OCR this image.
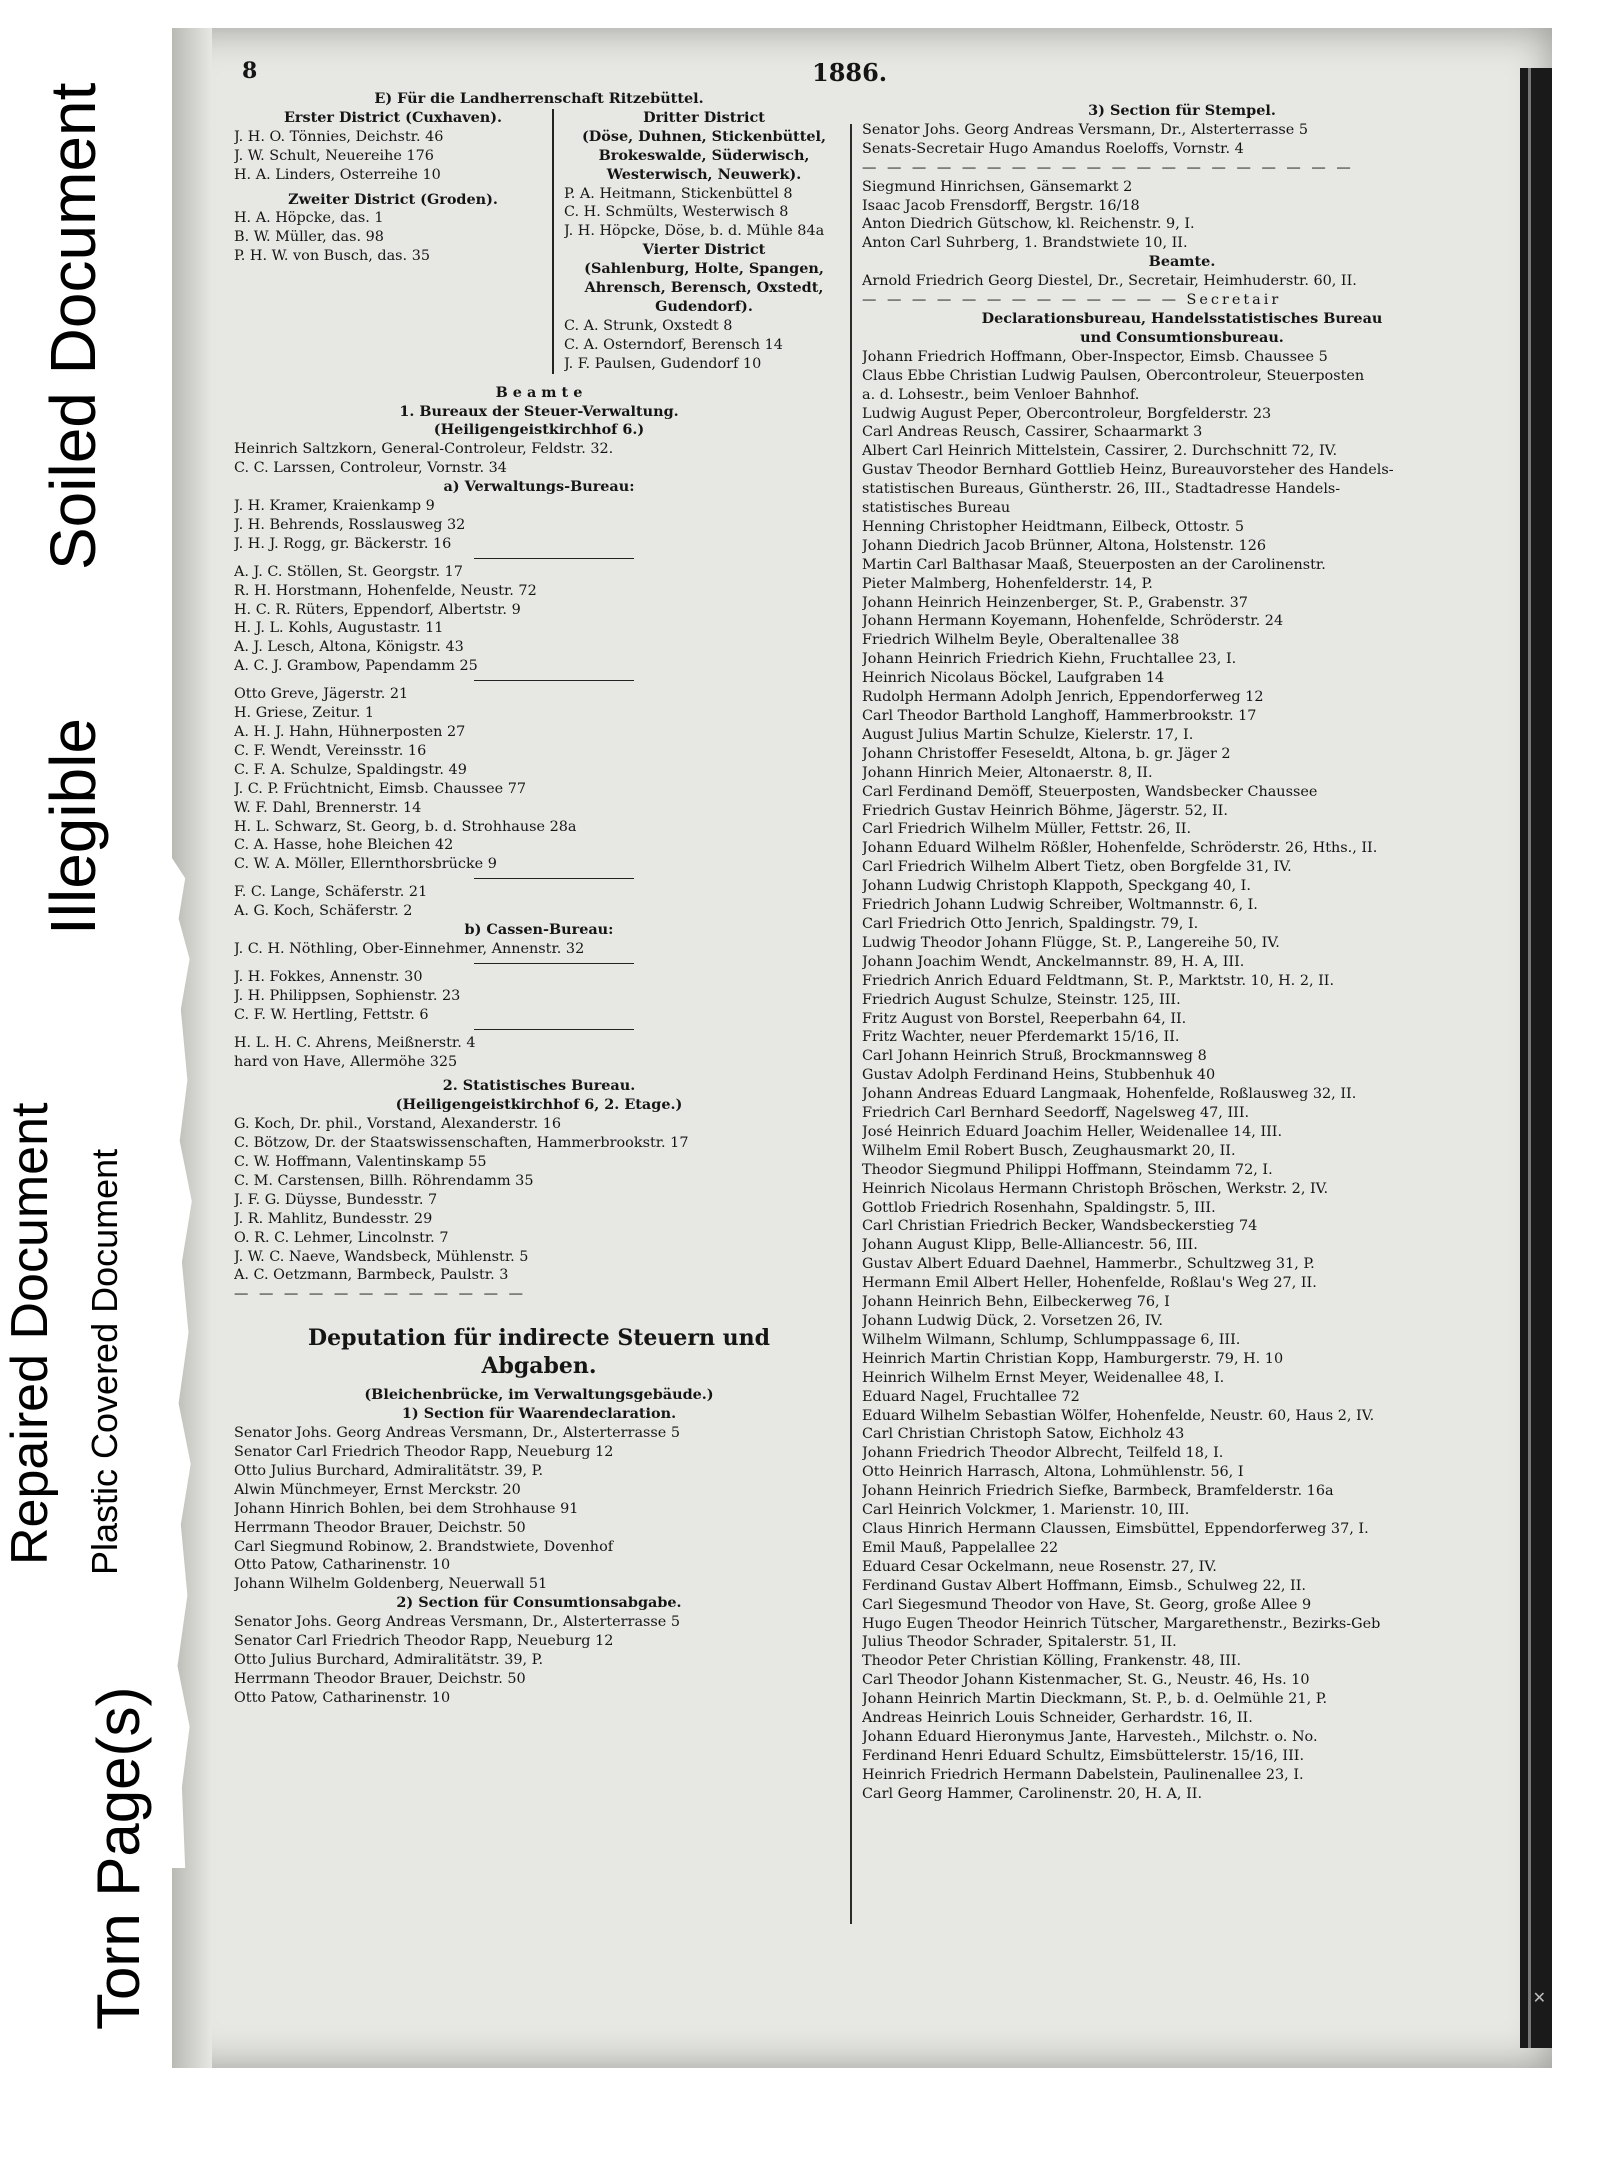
Soiled Document
Illegible
Repaired Document Plastic Covered Document
Torn Page(s)	✕
8	1886.
E) Für die Landherrenschaft Ritzebüttel.
Erster District (Cuxhaven).
J. H. O. Tönnies, Deichstr. 46
J. W. Schult, Neuereihe 176
H. A. Linders, Osterreihe 10
Zweiter District (Groden).
H. A. Höpcke, das. 1
B. W. Müller, das. 98
P. H. W. von Busch, das. 35
Dritter District
(Döse, Duhnen, Stickenbüttel,
Brokeswalde, Süderwisch,
Westerwisch, Neuwerk).
P. A. Heitmann, Stickenbüttel 8
C. H. Schmülts, Westerwisch 8
J. H. Höpcke, Döse, b. d. Mühle 84a
Vierter District
(Sahlenburg, Holte, Spangen,
Ahrensch, Berensch, Oxstedt,
Gudendorf).
C. A. Strunk, Oxstedt 8
C. A. Osterndorf, Berensch 14
J. F. Paulsen, Gudendorf 10
B e a m t e
1. Bureaux der Steuer-Verwaltung.
(Heiligengeistkirchhof 6.)
Heinrich Saltzkorn, General-Controleur, Feldstr. 32.
C. C. Larssen, Controleur, Vornstr. 34
a) Verwaltungs-Bureau:
J. H. Kramer, Kraienkamp 9
J. H. Behrends, Rosslausweg 32
J. H. J. Rogg, gr. Bäckerstr. 16
A. J. C. Stöllen, St. Georgstr. 17
R. H. Horstmann, Hohenfelde, Neustr. 72
H. C. R. Rüters, Eppendorf, Albertstr. 9
H. J. L. Kohls, Augustastr. 11
A. J. Lesch, Altona, Königstr. 43
A. C. J. Grambow, Papendamm 25
Otto Greve, Jägerstr. 21
H. Griese, Zeitur. 1
A. H. J. Hahn, Hühnerposten 27
C. F. Wendt, Vereinsstr. 16
C. F. A. Schulze, Spaldingstr. 49
J. C. P. Früchtnicht, Eimsb. Chaussee 77
W. F. Dahl, Brennerstr. 14
H. L. Schwarz, St. Georg, b. d. Strohhause 28a
C. A. Hasse, hohe Bleichen 42
C. W. A. Möller, Ellernthorsbrücke 9
F. C. Lange, Schäferstr. 21
A. G. Koch, Schäferstr. 2
b) Cassen-Bureau:
J. C. H. Nöthling, Ober-Einnehmer, Annenstr. 32
J. H. Fokkes, Annenstr. 30
J. H. Philippsen, Sophienstr. 23
C. F. W. Hertling, Fettstr. 6
H. L. H. C. Ahrens, Meißnerstr. 4
hard von Have, Allermöhe 325
2. Statistisches Bureau.
(Heiligengeistkirchhof 6, 2. Etage.)
G. Koch, Dr. phil., Vorstand, Alexanderstr. 16
C. Bötzow, Dr. der Staatswissenschaften, Hammerbrookstr. 17
C. W. Hoffmann, Valentinskamp 55
C. M. Carstensen, Billh. Röhrendamm 35
J. F. G. Düysse, Bundesstr. 7
J. R. Mahlitz, Bundesstr. 29
O. R. C. Lehmer, Lincolnstr. 7
J. W. C. Naeve, Wandsbeck, Mühlenstr. 5
A. C. Oetzmann, Barmbeck, Paulstr. 3
— — — — — — — — — — — —
Deputation für indirecte Steuern und
Abgaben.
(Bleichenbrücke, im Verwaltungsgebäude.)
1) Section für Waarendeclaration.
Senator Johs. Georg Andreas Versmann, Dr., Alsterterrasse 5
Senator Carl Friedrich Theodor Rapp, Neueburg 12
Otto Julius Burchard, Admiralitätstr. 39, P.
Alwin Münchmeyer, Ernst Merckstr. 20
Johann Hinrich Bohlen, bei dem Strohhause 91
Herrmann Theodor Brauer, Deichstr. 50
Carl Siegmund Robinow, 2. Brandstwiete, Dovenhof
Otto Patow, Catharinenstr. 10
Johann Wilhelm Goldenberg, Neuerwall 51
2) Section für Consumtionsabgabe.
Senator Johs. Georg Andreas Versmann, Dr., Alsterterrasse 5
Senator Carl Friedrich Theodor Rapp, Neueburg 12
Otto Julius Burchard, Admiralitätstr. 39, P.
Herrmann Theodor Brauer, Deichstr. 50
Otto Patow, Catharinenstr. 10
3) Section für Stempel.
Senator Johs. Georg Andreas Versmann, Dr., Alsterterrasse 5
Senats-Secretair Hugo Amandus Roeloffs, Vornstr. 4
— — — — — — — — — — — — — — — — — — — —
Siegmund Hinrichsen, Gänsemarkt 2
Isaac Jacob Frensdorff, Bergstr. 16/18
Anton Diedrich Gütschow, kl. Reichenstr. 9, I.
Anton Carl Suhrberg, 1. Brandstwiete 10, II.
Beamte.
Arnold Friedrich Georg Diestel, Dr., Secretair, Heimhuderstr. 60, II.
— — — — — — — — — — — — — Secretair
Declarationsbureau, Handelsstatistisches Bureau
und Consumtionsbureau.
Johann Friedrich Hoffmann, Ober-Inspector, Eimsb. Chaussee 5
Claus Ebbe Christian Ludwig Paulsen, Obercontroleur, Steuerposten
a. d. Lohsestr., beim Venloer Bahnhof.
Ludwig August Peper, Obercontroleur, Borgfelderstr. 23
Carl Andreas Reusch, Cassirer, Schaarmarkt 3
Albert Carl Heinrich Mittelstein, Cassirer, 2. Durchschnitt 72, IV.
Gustav Theodor Bernhard Gottlieb Heinz, Bureauvorsteher des Handels-
statistischen Bureaus, Güntherstr. 26, III., Stadtadresse Handels-
statistisches Bureau
Henning Christopher Heidtmann, Eilbeck, Ottostr. 5
Johann Diedrich Jacob Brünner, Altona, Holstenstr. 126
Martin Carl Balthasar Maaß, Steuerposten an der Carolinenstr.
Pieter Malmberg, Hohenfelderstr. 14, P.
Johann Heinrich Heinzenberger, St. P., Grabenstr. 37
Johann Hermann Koyemann, Hohenfelde, Schröderstr. 24
Friedrich Wilhelm Beyle, Oberaltenallee 38
Johann Heinrich Friedrich Kiehn, Fruchtallee 23, I.
Heinrich Nicolaus Böckel, Laufgraben 14
Rudolph Hermann Adolph Jenrich, Eppendorferweg 12
Carl Theodor Barthold Langhoff, Hammerbrookstr. 17
August Julius Martin Schulze, Kielerstr. 17, I.
Johann Christoffer Feseseldt, Altona, b. gr. Jäger 2
Johann Hinrich Meier, Altonaerstr. 8, II.
Carl Ferdinand Demöff, Steuerposten, Wandsbecker Chaussee
Friedrich Gustav Heinrich Böhme, Jägerstr. 52, II.
Carl Friedrich Wilhelm Müller, Fettstr. 26, II.
Johann Eduard Wilhelm Rößler, Hohenfelde, Schröderstr. 26, Hths., II.
Carl Friedrich Wilhelm Albert Tietz, oben Borgfelde 31, IV.
Johann Ludwig Christoph Klappoth, Speckgang 40, I.
Friedrich Johann Ludwig Schreiber, Woltmannstr. 6, I.
Carl Friedrich Otto Jenrich, Spaldingstr. 79, I.
Ludwig Theodor Johann Flügge, St. P., Langereihe 50, IV.
Johann Joachim Wendt, Anckelmannstr. 89, H. A, III.
Friedrich Anrich Eduard Feldtmann, St. P., Marktstr. 10, H. 2, II.
Friedrich August Schulze, Steinstr. 125, III.
Fritz August von Borstel, Reeperbahn 64, II.
Fritz Wachter, neuer Pferdemarkt 15/16, II.
Carl Johann Heinrich Struß, Brockmannsweg 8
Gustav Adolph Ferdinand Heins, Stubbenhuk 40
Johann Andreas Eduard Langmaak, Hohenfelde, Roßlausweg 32, II.
Friedrich Carl Bernhard Seedorff, Nagelsweg 47, III.
José Heinrich Eduard Joachim Heller, Weidenallee 14, III.
Wilhelm Emil Robert Busch, Zeughausmarkt 20, II.
Theodor Siegmund Philippi Hoffmann, Steindamm 72, I.
Heinrich Nicolaus Hermann Christoph Bröschen, Werkstr. 2, IV.
Gottlob Friedrich Rosenhahn, Spaldingstr. 5, III.
Carl Christian Friedrich Becker, Wandsbeckerstieg 74
Johann August Klipp, Belle-Alliancestr. 56, III.
Gustav Albert Eduard Daehnel, Hammerbr., Schultzweg 31, P.
Hermann Emil Albert Heller, Hohenfelde, Roßlau's Weg 27, II.
Johann Heinrich Behn, Eilbeckerweg 76, I
Johann Ludwig Dück, 2. Vorsetzen 26, IV.
Wilhelm Wilmann, Schlump, Schlumppassage 6, III.
Heinrich Martin Christian Kopp, Hamburgerstr. 79, H. 10
Heinrich Wilhelm Ernst Meyer, Weidenallee 48, I.
Eduard Nagel, Fruchtallee 72
Eduard Wilhelm Sebastian Wölfer, Hohenfelde, Neustr. 60, Haus 2, IV.
Carl Christian Christoph Satow, Eichholz 43
Johann Friedrich Theodor Albrecht, Teilfeld 18, I.
Otto Heinrich Harrasch, Altona, Lohmühlenstr. 56, I
Johann Heinrich Friedrich Siefke, Barmbeck, Bramfelderstr. 16a
Carl Heinrich Volckmer, 1. Marienstr. 10, III.
Claus Hinrich Hermann Claussen, Eimsbüttel, Eppendorferweg 37, I.
Emil Mauß, Pappelallee 22
Eduard Cesar Ockelmann, neue Rosenstr. 27, IV.
Ferdinand Gustav Albert Hoffmann, Eimsb., Schulweg 22, II.
Carl Siegesmund Theodor von Have, St. Georg, große Allee 9
Hugo Eugen Theodor Heinrich Tütscher, Margarethenstr., Bezirks-Geb
Julius Theodor Schrader, Spitalerstr. 51, II.
Theodor Peter Christian Kölling, Frankenstr. 48, III.
Carl Theodor Johann Kistenmacher, St. G., Neustr. 46, Hs. 10
Johann Heinrich Martin Dieckmann, St. P., b. d. Oelmühle 21, P.
Andreas Heinrich Louis Schneider, Gerhardstr. 16, II.
Johann Eduard Hieronymus Jante, Harvesteh., Milchstr. o. No.
Ferdinand Henri Eduard Schultz, Eimsbüttelerstr. 15/16, III.
Heinrich Friedrich Hermann Dabelstein, Paulinenallee 23, I.
Carl Georg Hammer, Carolinenstr. 20, H. A, II.
